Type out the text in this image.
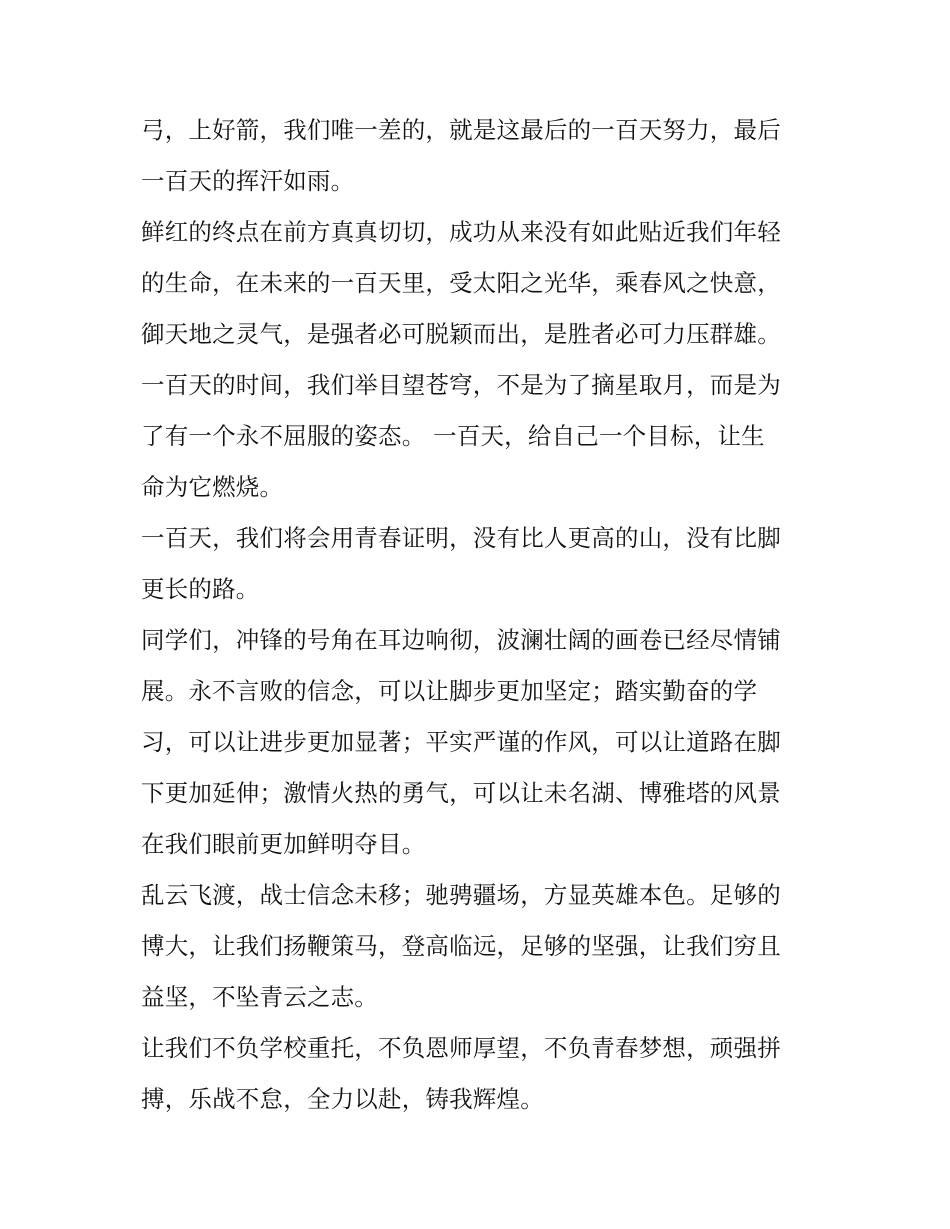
弓，上好箭，我们唯一差的，就是这最后的一百天努力，最后
一百天的挥汗如雨。
鲜红的终点在前方真真切切，成功从来没有如此贴近我们年轻
的生命，在未来的一百天里，受太阳之光华，乘春风之快意，
御天地之灵气，是强者必可脱颖而出，是胜者必可力压群雄。
一百天的时间，我们举目望苍穹，不是为了摘星取月，而是为
了有一个永不屈服的姿态。 一百天，给自己一个目标，让生
命为它燃烧。
一百天，我们将会用青春证明，没有比人更高的山，没有比脚
更长的路。
同学们，冲锋的号角在耳边响彻，波澜壮阔的画卷已经尽情铺
展。永不言败的信念，可以让脚步更加坚定；踏实勤奋的学
习，可以让进步更加显著；平实严谨的作风，可以让道路在脚
下更加延伸；激情火热的勇气，可以让未名湖、博雅塔的风景
在我们眼前更加鲜明夺目。
乱云飞渡，战士信念未移；驰骋疆场，方显英雄本色。足够的
博大，让我们扬鞭策马，登高临远，足够的坚强，让我们穷且
益坚，不坠青云之志。
让我们不负学校重托，不负恩师厚望，不负青春梦想，顽强拼
搏，乐战不怠，全力以赴，铸我辉煌。
